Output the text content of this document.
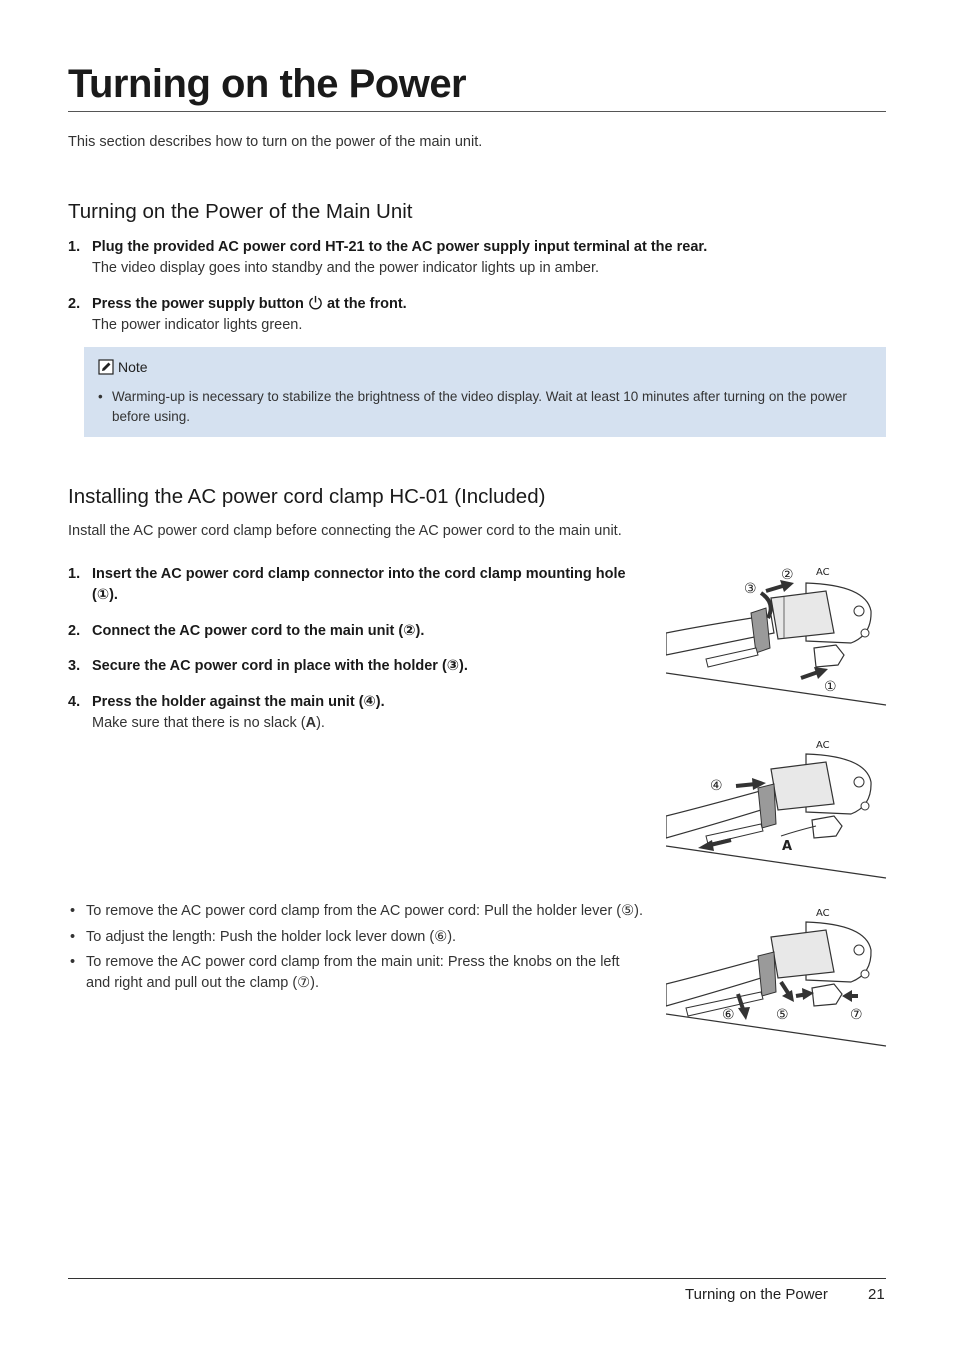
Turning on the Power
This section describes how to turn on the power of the main unit.
Turning on the Power of the Main Unit
1. Plug the provided AC power cord HT-21 to the AC power supply input terminal at the rear.
The video display goes into standby and the power indicator lights up in amber.
2. Press the power supply button at the front.
The power indicator lights green.
Note
• Warming-up is necessary to stabilize the brightness of the video display. Wait at least 10 minutes after turning on the power before using.
Installing the AC power cord clamp HC-01 (Included)
Install the AC power cord clamp before connecting the AC power cord to the main unit.
1. Insert the AC power cord clamp connector into the cord clamp mounting hole (①).
2. Connect the AC power cord to the main unit (②).
3. Secure the AC power cord in place with the holder (③).
4. Press the holder against the main unit (④).
Make sure that there is no slack (A).
• To remove the AC power cord clamp from the AC power cord: Pull the holder lever (⑤).
• To adjust the length: Push the holder lock lever down (⑥).
• To remove the AC power cord clamp from the main unit: Press the knobs on the left and right and pull out the clamp (⑦).
AC
②
③
①
AC
④
A
AC
⑥	⑤	⑦
Turning on the Power	21
